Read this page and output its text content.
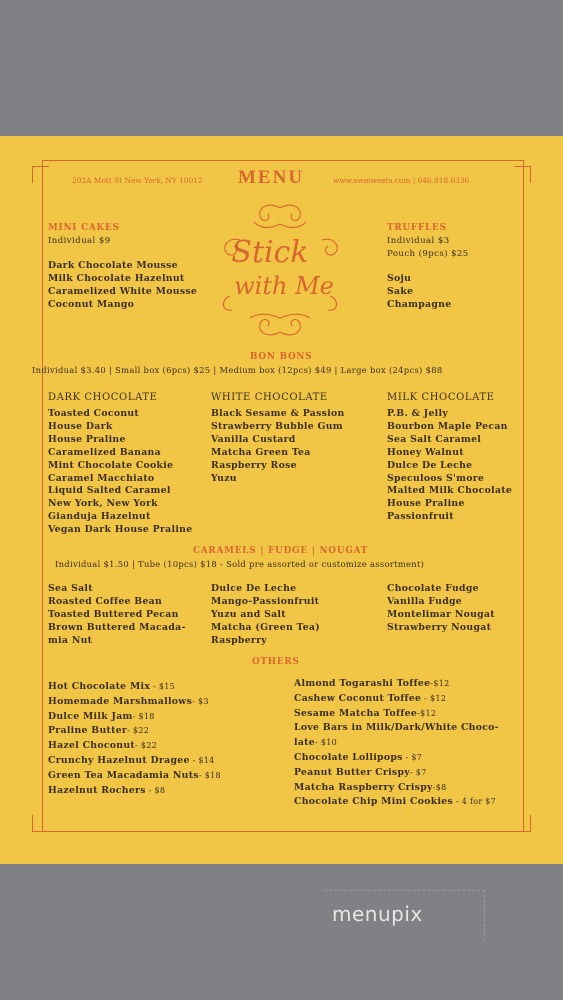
202A Mott St New York, NY 10012 MENU	www.swmweets.com | 646.918.6336
Stick
with Me
MINI CAKES
Individual $9
Dark Chocolate Mousse
Milk Chocolate Hazelnut
Caramelized White Mousse
Coconut Mango
TRUFFLES
Individual $3
Pouch (9pcs) $25
Soju
Sake
Champagne
BON BONS
Individual $3.40 | Small box (6pcs) $25 | Medium box (12pcs) $49 | Large box (24pcs) $88
DARK CHOCOLATE
Toasted Coconut
House Dark
House Praline
Caramelized Banana
Mint Chocolate Cookie
Caramel Macchiato
Liquid Salted Caramel
New York, New York
Gianduja Hazelnut
Vegan Dark House Praline
WHITE CHOCOLATE
Black Sesame & Passion
Strawberry Bubble Gum
Vanilla Custard
Matcha Green Tea
Raspberry Rose
Yuzu
MILK CHOCOLATE
P.B. & Jelly
Bourbon Maple Pecan
Sea Salt Caramel
Honey Walnut
Dulce De Leche
Speculoos S'more
Malted Milk Chocolate
House Praline
Passionfruit
CARAMELS | FUDGE | NOUGAT
Individual $1.50 | Tube (10pcs) $18 - Sold pre assorted or customize assortment)
Sea Salt
Roasted Coffee Bean
Toasted Buttered Pecan
Brown Buttered Macada-
mia Nut
Dulce De Leche
Mango-Passionfruit
Yuzu and Salt
Matcha (Green Tea)
Raspberry
Chocolate Fudge
Vanilla Fudge
Montelimar Nougat
Strawberry Nougat
OTHERS
Hot Chocolate Mix - $15
Homemade Marshmallows- $3
Dulce Milk Jam- $18
Praline Butter- $22
Hazel Choconut- $22
Crunchy Hazelnut Dragee - $14
Green Tea Macadamia Nuts- $18
Hazelnut Rochers - $8
Almond Togarashi Toffee-$12
Cashew Coconut Toffee - $12
Sesame Matcha Toffee-$12
Love Bars in Milk/Dark/White Choco-
late- $10
Chocolate Lollipops - $7
Peanut Butter Crispy- $7
Matcha Raspberry Crispy-$8
Chocolate Chip Mini Cookies - 4 for $7
menupix
